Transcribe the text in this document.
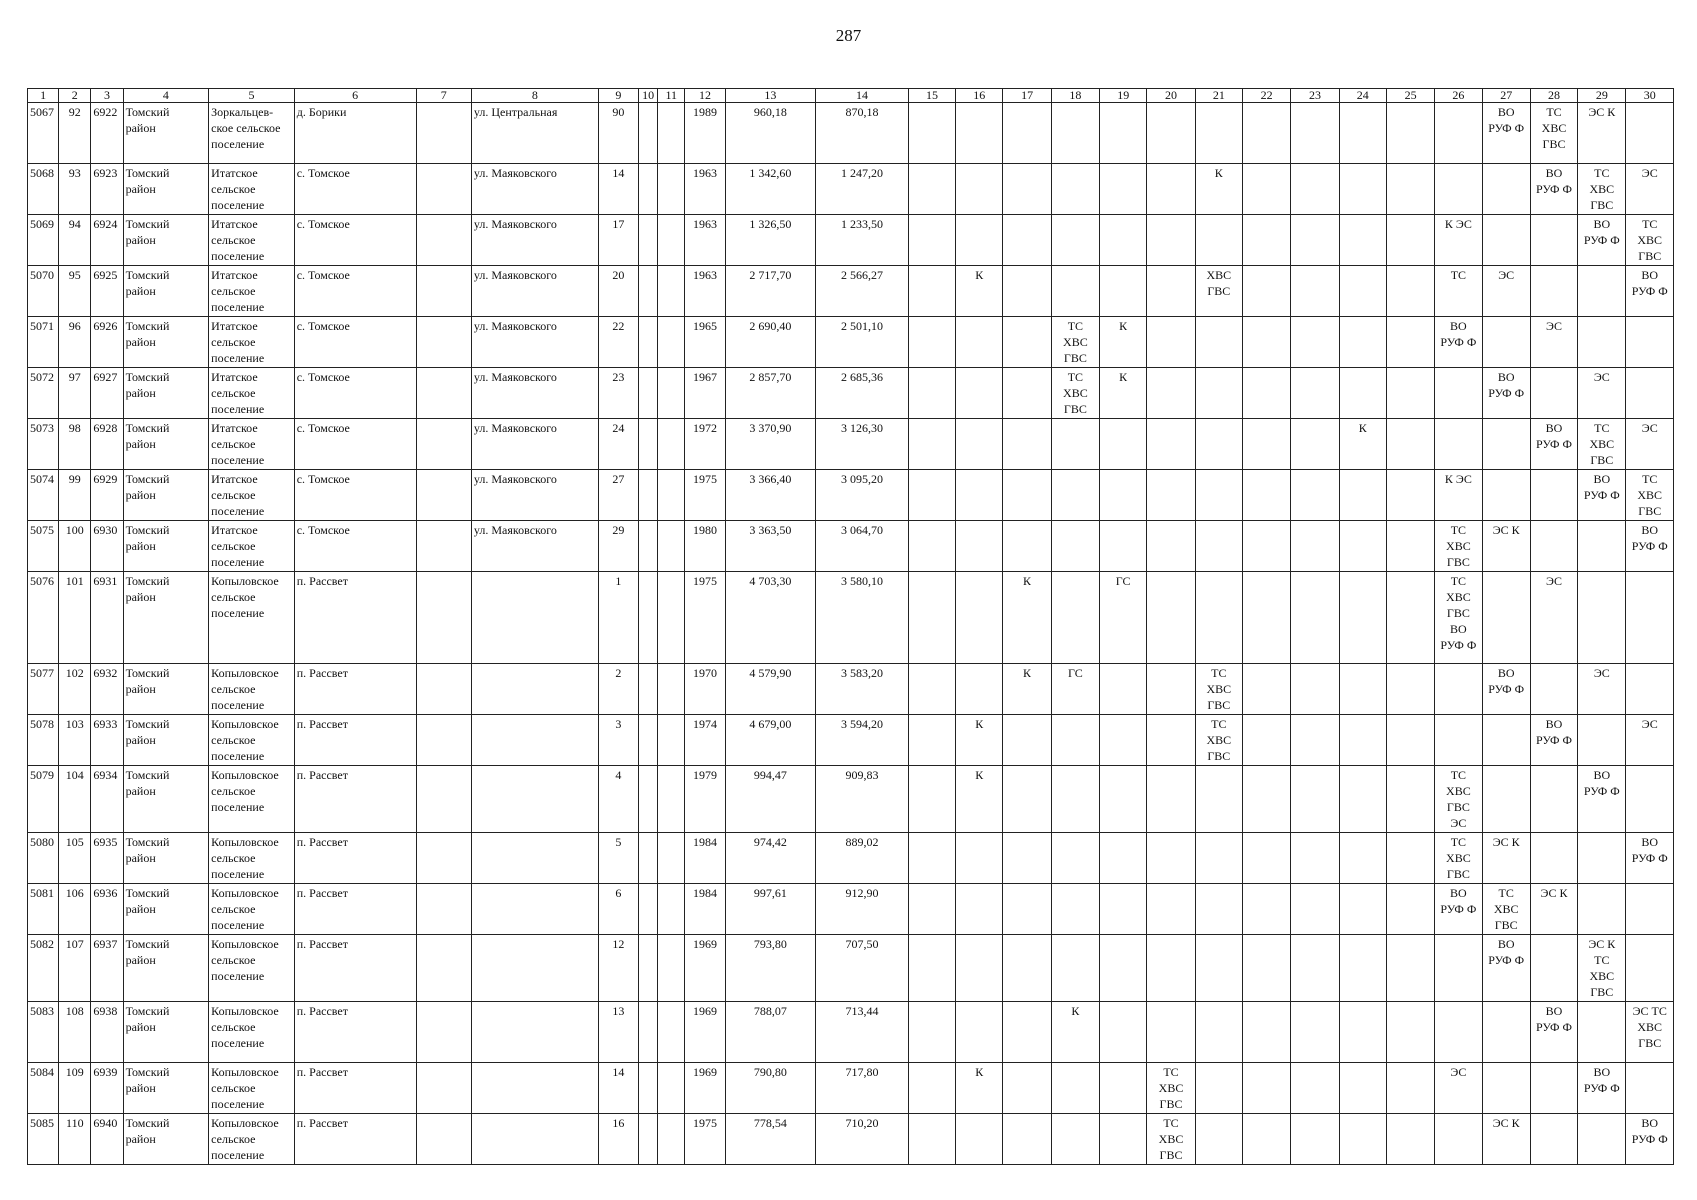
287
1	2	3	4	5	6	7	8	9	10	11	12	13	14	15	16	17	18	19	20	21	22	23	24	25	26	27	28	29	30
5067	92	6922	Томский
район	Зоркальцев-
ское сельское
поселение	д. Борики		ул. Центральная	90			1989	960,18	870,18													ВО
РУФ Ф	ТС
ХВС
ГВС	ЭС К	

5068	93	6923	Томский
район	Итатское
сельское
поселение	с. Томское		ул. Маяковского	14			1963	1 342,60	1 247,20							К							ВО
РУФ Ф	ТС
ХВС
ГВС	ЭС

5069	94	6924	Томский
район	Итатское
сельское
поселение	с. Томское		ул. Маяковского	17			1963	1 326,50	1 233,50												К ЭС			ВО
РУФ Ф	ТС
ХВС
ГВС

5070	95	6925	Томский
район	Итатское
сельское
поселение	с. Томское		ул. Маяковского	20			1963	2 717,70	2 566,27		К					ХВС
ГВС					ТС	ЭС			ВО
РУФ Ф

5071	96	6926	Томский
район	Итатское
сельское
поселение	с. Томское		ул. Маяковского	22			1965	2 690,40	2 501,10				ТС
ХВС
ГВС	К							ВО
РУФ Ф		ЭС		

5072	97	6927	Томский
район	Итатское
сельское
поселение	с. Томское		ул. Маяковского	23			1967	2 857,70	2 685,36				ТС
ХВС
ГВС	К								ВО
РУФ Ф		ЭС	

5073	98	6928	Томский
район	Итатское
сельское
поселение	с. Томское		ул. Маяковского	24			1972	3 370,90	3 126,30										К				ВО
РУФ Ф	ТС
ХВС
ГВС	ЭС

5074	99	6929	Томский
район	Итатское
сельское
поселение	с. Томское		ул. Маяковского	27			1975	3 366,40	3 095,20												К ЭС			ВО
РУФ Ф	ТС
ХВС
ГВС

5075	100	6930	Томский
район	Итатское
сельское
поселение	с. Томское		ул. Маяковского	29			1980	3 363,50	3 064,70												ТС
ХВС
ГВС	ЭС К			ВО
РУФ Ф

5076	101	6931	Томский
район	Копыловское
сельское
поселение	п. Рассвет			1			1975	4 703,30	3 580,10			К		ГС							ТС
ХВС
ГВС
ВО
РУФ Ф		ЭС		

5077	102	6932	Томский
район	Копыловское
сельское
поселение	п. Рассвет			2			1970	4 579,90	3 583,20			К	ГС			ТС
ХВС
ГВС						ВО
РУФ Ф		ЭС	

5078	103	6933	Томский
район	Копыловское
сельское
поселение	п. Рассвет			3			1974	4 679,00	3 594,20		К					ТС
ХВС
ГВС							ВО
РУФ Ф		ЭС

5079	104	6934	Томский
район	Копыловское
сельское
поселение	п. Рассвет			4			1979	994,47	909,83		К										ТС
ХВС
ГВС
ЭС			ВО
РУФ Ф	

5080	105	6935	Томский
район	Копыловское
сельское
поселение	п. Рассвет			5			1984	974,42	889,02												ТС
ХВС
ГВС	ЭС К			ВО
РУФ Ф

5081	106	6936	Томский
район	Копыловское
сельское
поселение	п. Рассвет			6			1984	997,61	912,90												ВО
РУФ Ф	ТС
ХВС
ГВС	ЭС К		

5082	107	6937	Томский
район	Копыловское
сельское
поселение	п. Рассвет			12			1969	793,80	707,50													ВО
РУФ Ф		ЭС К
ТС
ХВС
ГВС	

5083	108	6938	Томский
район	Копыловское
сельское
поселение	п. Рассвет			13			1969	788,07	713,44				К										ВО
РУФ Ф		ЭС ТС
ХВС
ГВС

5084	109	6939	Томский
район	Копыловское
сельское
поселение	п. Рассвет			14			1969	790,80	717,80		К				ТС
ХВС
ГВС						ЭС			ВО
РУФ Ф	

5085	110	6940	Томский
район	Копыловское
сельское
поселение	п. Рассвет			16			1975	778,54	710,20						ТС
ХВС
ГВС							ЭС К			ВО
РУФ Ф
